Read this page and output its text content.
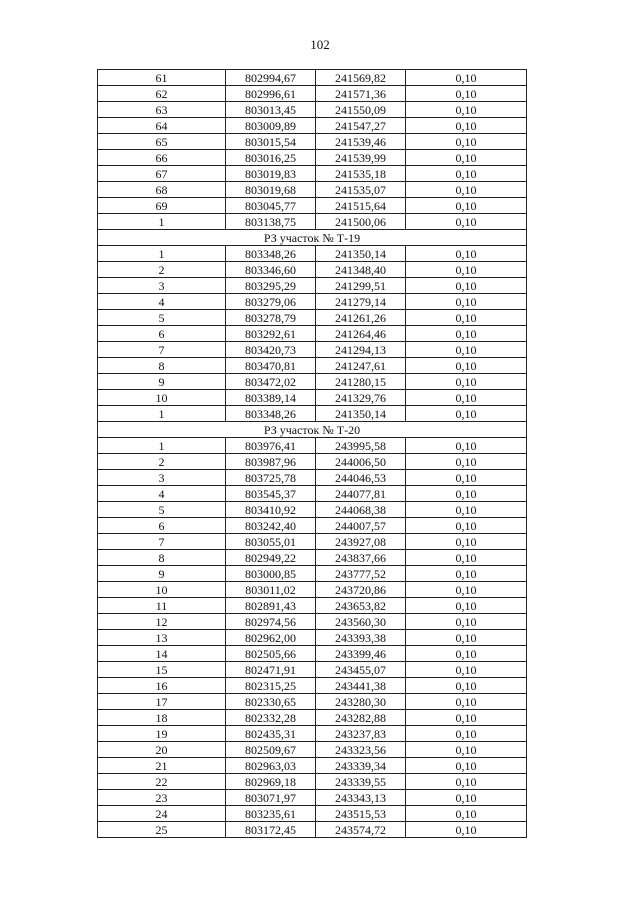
102
61	802994,67	241569,82	0,10
62	802996,61	241571,36	0,10
63	803013,45	241550,09	0,10
64	803009,89	241547,27	0,10
65	803015,54	241539,46	0,10
66	803016,25	241539,99	0,10
67	803019,83	241535,18	0,10
68	803019,68	241535,07	0,10
69	803045,77	241515,64	0,10
1	803138,75	241500,06	0,10
РЗ участок № Т-19			
1	803348,26	241350,14	0,10
2	803346,60	241348,40	0,10
3	803295,29	241299,51	0,10
4	803279,06	241279,14	0,10
5	803278,79	241261,26	0,10
6	803292,61	241264,46	0,10
7	803420,73	241294,13	0,10
8	803470,81	241247,61	0,10
9	803472,02	241280,15	0,10
10	803389,14	241329,76	0,10
1	803348,26	241350,14	0,10
РЗ участок № Т-20			
1	803976,41	243995,58	0,10
2	803987,96	244006,50	0,10
3	803725,78	244046,53	0,10
4	803545,37	244077,81	0,10
5	803410,92	244068,38	0,10
6	803242,40	244007,57	0,10
7	803055,01	243927,08	0,10
8	802949,22	243837,66	0,10
9	803000,85	243777,52	0,10
10	803011,02	243720,86	0,10
11	802891,43	243653,82	0,10
12	802974,56	243560,30	0,10
13	802962,00	243393,38	0,10
14	802505,66	243399,46	0,10
15	802471,91	243455,07	0,10
16	802315,25	243441,38	0,10
17	802330,65	243280,30	0,10
18	802332,28	243282,88	0,10
19	802435,31	243237,83	0,10
20	802509,67	243323,56	0,10
21	802963,03	243339,34	0,10
22	802969,18	243339,55	0,10
23	803071,97	243343,13	0,10
24	803235,61	243515,53	0,10
25	803172,45	243574,72	0,10
